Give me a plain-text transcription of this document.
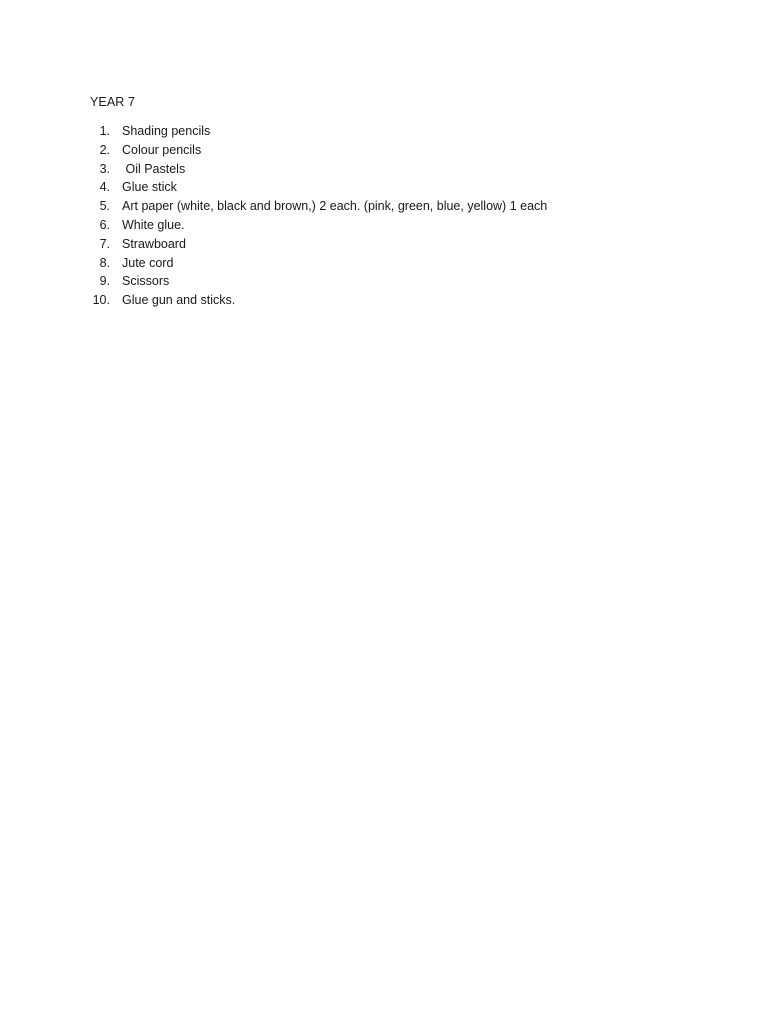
YEAR 7
1. Shading pencils
2. Colour pencils
3. Oil Pastels
4. Glue stick
5. Art paper (white, black and brown,) 2 each. (pink, green, blue, yellow) 1 each
6. White glue.
7. Strawboard
8. Jute cord
9. Scissors
10. Glue gun and sticks.
